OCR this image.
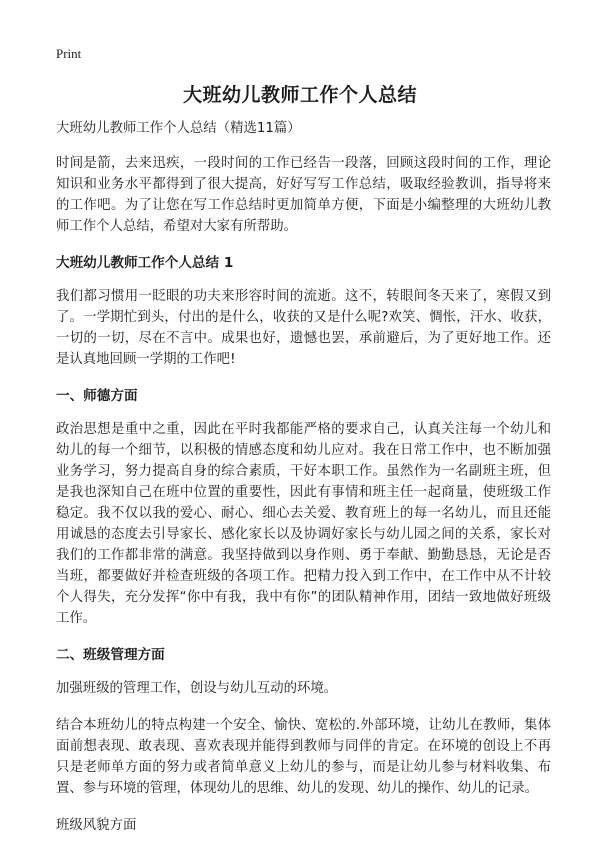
Print
大班幼儿教师工作个人总结

大班幼儿教师工作个人总结（精选11篇）

时间是箭，去来迅疾，一段时间的工作已经告一段落，回顾这段时间的工作，理论知识和业务水平都得到了很大提高，好好写写工作总结，吸取经验教训，指导将来的工作吧。为了让您在写工作总结时更加简单方便，下面是小编整理的大班幼儿教师工作个人总结，希望对大家有所帮助。

大班幼儿教师工作个人总结 1

我们都习惯用一眨眼的功夫来形容时间的流逝。这不，转眼间冬天来了，寒假又到了。一学期忙到头，付出的是什么，收获的又是什么呢?欢笑、惆怅，汗水、收获，一切的一切，尽在不言中。成果也好，遗憾也罢，承前避后，为了更好地工作。还是认真地回顾一学期的工作吧!

一、师德方面

政治思想是重中之重，因此在平时我都能严格的要求自己，认真关注每一个幼儿和幼儿的每一个细节，以积极的情感态度和幼儿应对。我在日常工作中，也不断加强业务学习，努力提高自身的综合素质，干好本职工作。虽然作为一名副班主班，但是我也深知自己在班中位置的重要性，因此有事情和班主任一起商量，使班级工作稳定。我不仅以我的爱心、耐心、细心去关爱、教育班上的每一名幼儿，而且还能用诚恳的态度去引导家长、感化家长以及协调好家长与幼儿园之间的关系，家长对我们的工作都非常的满意。我坚持做到以身作则、勇于奉献、勤勤恳恳，无论是否当班，都要做好并检查班级的各项工作。把精力投入到工作中，在工作中从不计较个人得失，充分发挥“你中有我，我中有你”的团队精神作用，团结一致地做好班级工作。

二、班级管理方面

加强班级的管理工作，创设与幼儿互动的环境。

结合本班幼儿的特点构建一个安全、愉快、宽松的.外部环境，让幼儿在教师，集体面前想表现、敢表现、喜欢表现并能得到教师与同伴的肯定。在环境的创设上不再只是老师单方面的努力或者简单意义上幼儿的参与，而是让幼儿参与材料收集、布置、参与环境的管理，体现幼儿的思维、幼儿的发现、幼儿的操作、幼儿的记录。

班级风貌方面
